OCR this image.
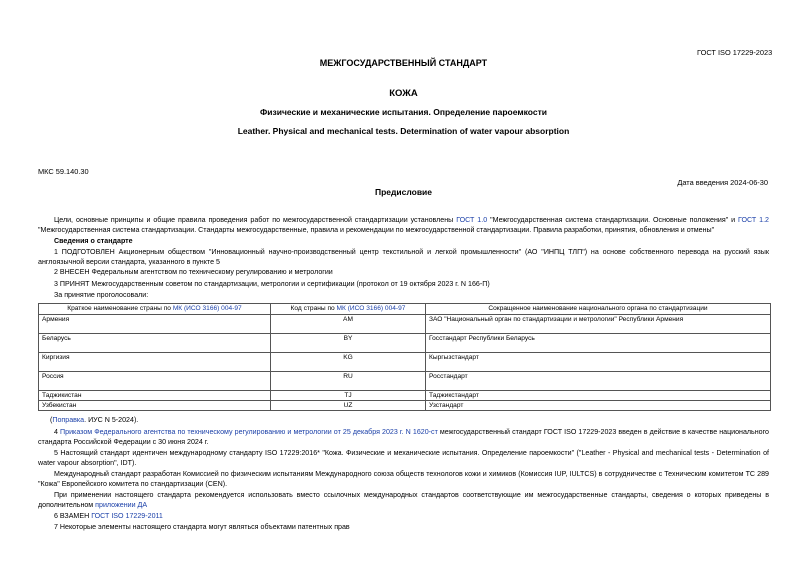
ГОСТ ISO 17229-2023
МЕЖГОСУДАРСТВЕННЫЙ СТАНДАРТ
КОЖА
Физические и механические испытания. Определение пароемкости
Leather. Physical and mechanical tests. Determination of water vapour absorption
МКС 59.140.30
Дата введения 2024-06-30
Предисловие
Цели, основные принципы и общие правила проведения работ по межгосударственной стандартизации установлены ГОСТ 1.0 "Межгосударственная система стандартизации. Основные положения" и ГОСТ 1.2 "Межгосударственная система стандартизации. Стандарты межгосударственные, правила и рекомендации по межгосударственной стандартизации. Правила разработки, принятия, обновления и отмены"
Сведения о стандарте
1 ПОДГОТОВЛЕН Акционерным обществом "Инновационный научно-производственный центр текстильной и легкой промышленности" (АО "ИНПЦ ТЛП") на основе собственного перевода на русский язык англоязычной версии стандарта, указанного в пункте 5
2 ВНЕСЕН Федеральным агентством по техническому регулированию и метрологии
3 ПРИНЯТ Межгосударственным советом по стандартизации, метрологии и сертификации (протокол от 19 октября 2023 г. N 166-П)
За принятие проголосовали:
Краткое наименование страны по МК (ИСО 3166) 004-97	Код страны по МК (ИСО 3166) 004-97	Сокращенное наименование национального органа по стандартизации
Армения	AM	ЗАО "Национальный орган по стандартизации и метрологии" Республики Армения
Беларусь	BY	Госстандарт Республики Беларусь
Киргизия	KG	Кыргызстандарт
Россия	RU	Росстандарт
Таджикистан	TJ	Таджикстандарт
Узбекистан	UZ	Узстандарт
(Поправка. ИУС N 5-2024).
4 Приказом Федерального агентства по техническому регулированию и метрологии от 25 декабря 2023 г. N 1620-ст межгосударственный стандарт ГОСТ ISO 17229-2023 введен в действие в качестве национального стандарта Российской Федерации с 30 июня 2024 г.
5 Настоящий стандарт идентичен международному стандарту ISO 17229:2016* "Кожа. Физические и механические испытания. Определение пароемкости" ("Leather - Physical and mechanical tests - Determination of water vapour absorption", IDT).
Международный стандарт разработан Комиссией по физическим испытаниям Международного союза обществ технологов кожи и химиков (Комиссия IUP, IULTCS) в сотрудничестве с Техническим комитетом TC 289 "Кожа" Европейского комитета по стандартизации (CEN).
При применении настоящего стандарта рекомендуется использовать вместо ссылочных международных стандартов соответствующие им межгосударственные стандарты, сведения о которых приведены в дополнительном приложении ДА
6 ВЗАМЕН ГОСТ ISO 17229-2011
7 Некоторые элементы настоящего стандарта могут являться объектами патентных прав
